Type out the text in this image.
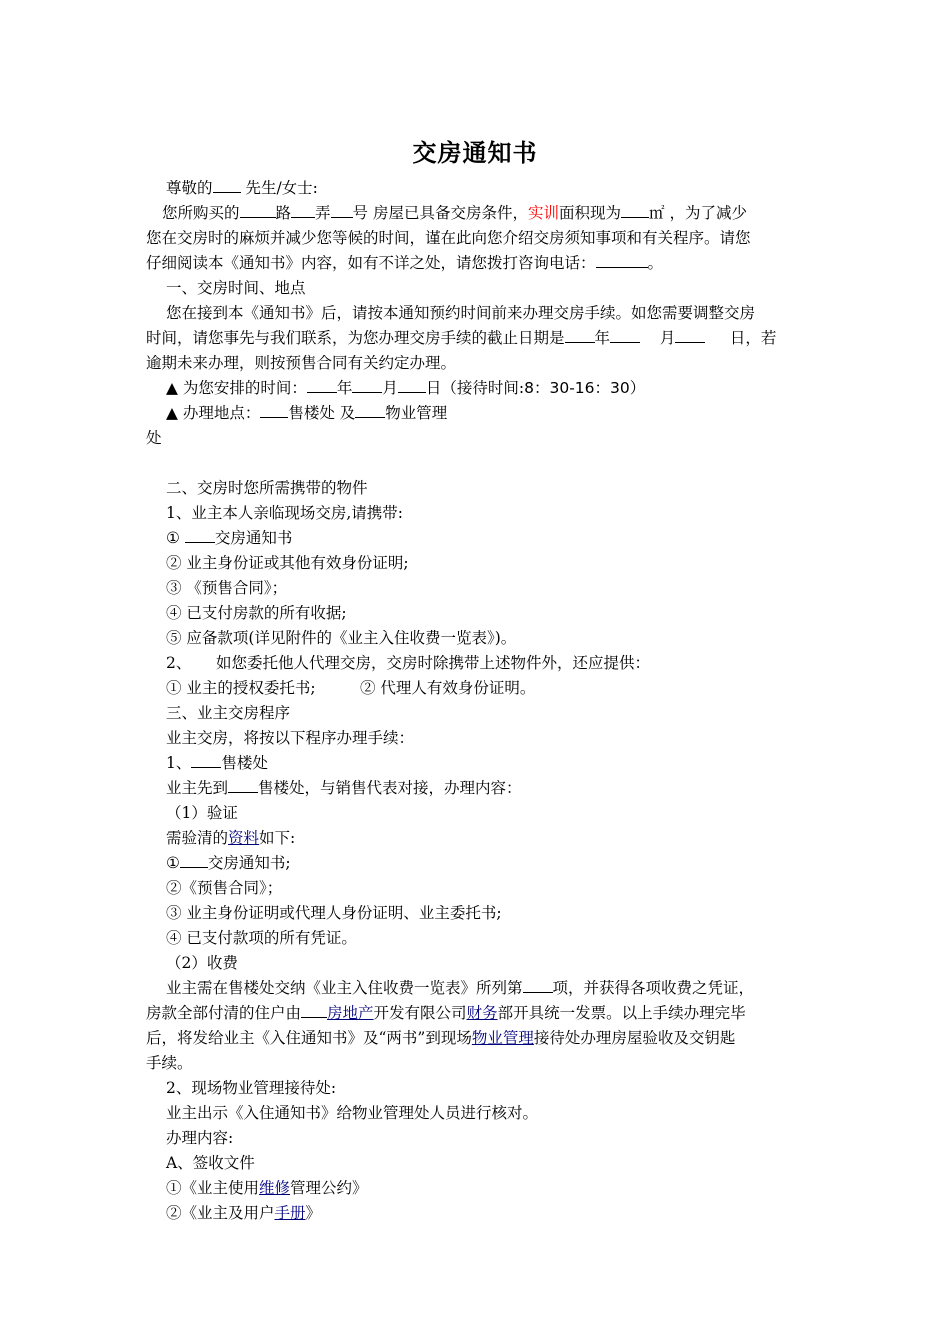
交房通知书
尊敬的 先生/女士:
您所购买的 路 弄 号 房屋已具备交房条件，实训面积现为 ㎡ ，为了减少
您在交房时的麻烦并减少您等候的时间，谨在此向您介绍交房须知事项和有关程序。请您
仔细阅读本《通知书》内容，如有不详之处，请您拨打咨询电话：	。
一、交房时间、地点
您在接到本《通知书》后，请按本通知预约时间前来办理交房手续。如您需要调整交房
时间，请您事先与我们联系，为您办理交房手续的截止日期是 年	月	日，若
逾期未来办理，则按预售合同有关约定办理。
▲ 为您安排的时间： 年 月 日（接待时间:8：30-16：30）
▲ 办理地点： 售楼处 及 物业管理
处
二、交房时您所需携带的物件
1、业主本人亲临现场交房,请携带:
① 交房通知书
② 业主身份证或其他有效身份证明;
③ 《预售合同》；
④ 已支付房款的所有收据;
⑤ 应备款项(详见附件的《业主入住收费一览表》)。
2、 如您委托他人代理交房，交房时除携带上述物件外，还应提供：
① 业主的授权委托书;	② 代理人有效身份证明。
三、业主交房程序
业主交房，将按以下程序办理手续：
1、 售楼处
业主先到 售楼处，与销售代表对接，办理内容：
（1）验证
需验清的资料如下:
① 交房通知书;
②《预售合同》；
③ 业主身份证明或代理人身份证明、业主委托书;
④ 已支付款项的所有凭证。
（2）收费
业主需在售楼处交纳《业主入住收费一览表》所列第 项，并获得各项收费之凭证，
房款全部付清的住户由 房地产开发有限公司财务部开具统一发票。以上手续办理完毕
后，将发给业主《入住通知书》及“两书”到现场物业管理接待处办理房屋验收及交钥匙
手续。
2、现场物业管理接待处:
业主出示《入住通知书》给物业管理处人员进行核对。
办理内容:
A、签收文件
①《业主使用维修管理公约》
②《业主及用户手册》
